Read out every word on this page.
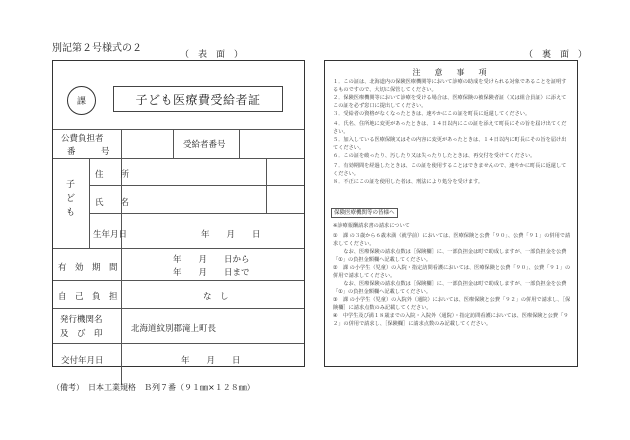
別記第２号様式の２
（　表　面　）	（　裏　面　）
課	子ども医療費受給者証
公費負担者
番　　　号
受給者番号
子
ど
も
住　　所
氏　　名
生年月日	年　　月　　日
有　効　期　間
年　　月　　日から
年　　月　　日まで
自　己　負　担	な　し
発行機関名
及　び　印	北海道紋別郡滝上町長
交付年月日	年　　月　　日
注　意　事　項
１．この証は、北海道内の保険医療機関等において診療の助成を受けられる対象であることを証明するものですので、大切に保管してください。
２．保険医療機関等において診療を受ける場合は、医療保険の被保険者証（又は組合員証）に添えてこの証を必ず窓口に提出してください。
３．受給者の資格がなくなったときは、速やかにこの証を町長に返還してください。
４．氏名、住所地に変更があったときは、１４日以内にこの証を添えて町長にその旨を届け出てください。
５．加入している医療保険又はその内容に変更があったときは、１４日以内に町長にその旨を届け出てください。
６．この証を破ったり、汚したり又は失ったりしたときは、再交付を受けてください。
７．有効期間を経過したときは、この証を使用することはできませんので、速やかに町長に返還してください。
８．不正にこの証を使用した者は、刑法により処分を受けます。
保険医療機関等の皆様へ
※診療報酬請求書の請求について
①　課 の３歳から６歳未満（就学前）においては、医療保険と公費「９０」、公費「９１」の併用で請求してください。
　　なお、医療保険の請求点数は［保険欄］に、一部負担金は町で助成しますが、一部負担金を公費「①」の負担金額欄へ記載してください。
②　課 の小学生（児童）の入院・指定訪問看護においては、医療保険と公費「９０」、公費「９１」の併用で請求してください。
　　なお、医療保険の請求点数は［保険欄］に、一部負担金は町で助成しますが、一部負担金を公費「①」の負担金額欄へ記載してください。
③　課 の小学生（児童）の入院外（通院）においては、医療保険と公費「９２」の併用で請求し、［保険欄］に請求点数のみ記載してください。
④　中学生及び満１８歳までの入院・入院外（通院）・指定訪問看護においては、医療保険と公費「９２」の併用で請求し、［保険欄］に請求点数のみ記載してください。
（備考）　日本工業規格　Ｂ列７番（９１㎜×１２８㎜）
